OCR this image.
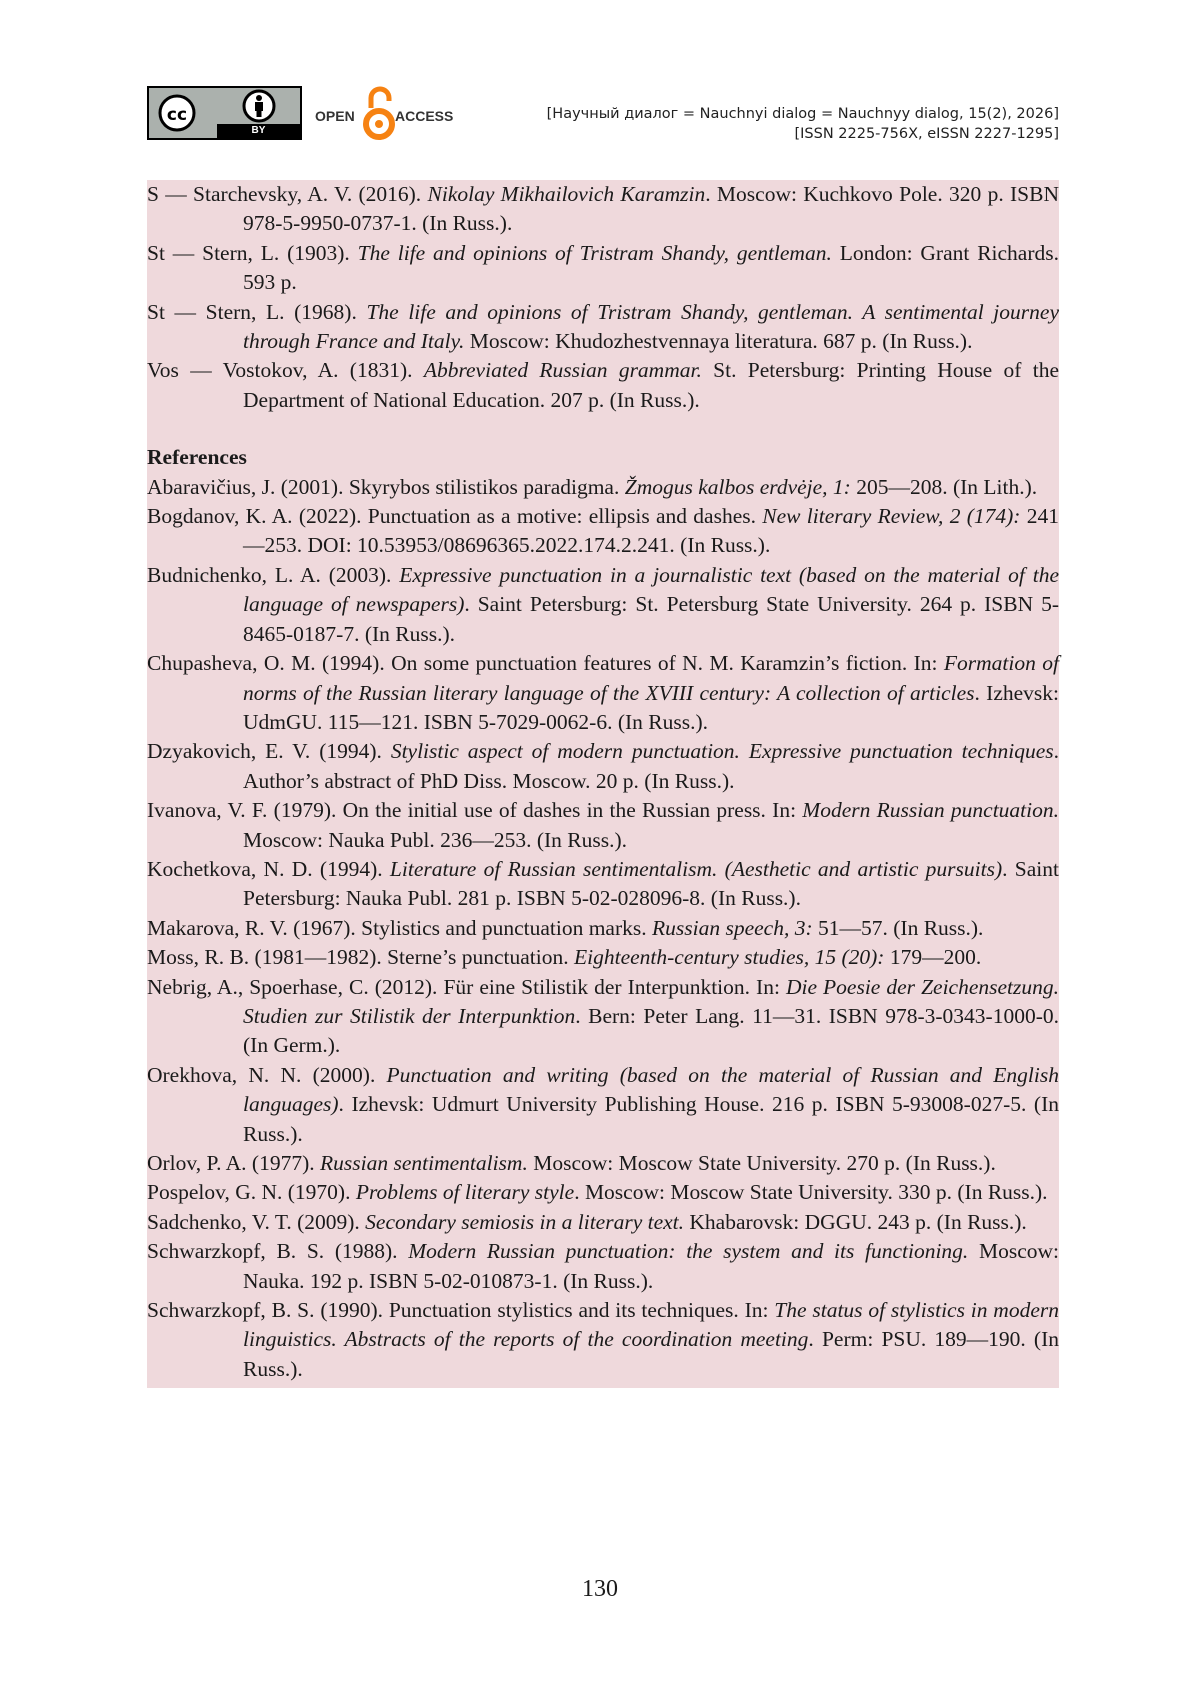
cc
BY
OPEN	ACCESS	[Научный диалог = Nauchnyi dialog = Nauchnyy dialog, 15(2), 2026]
[ISSN 2225-756X, eISSN 2227-1295]

S — Starchevsky, A. V. (2016). Nikolay Mikhailovich Karamzin. Moscow: Kuchkovo Pole. 320 p. ISBN 978-5-9950-0737-1. (In Russ.).

St — Stern, L. (1903). The life and opinions of Tristram Shandy, gentleman. London: Grant Richards. 593 p.

St — Stern, L. (1968). The life and opinions of Tristram Shandy, gentleman. A sentimental journey through France and Italy. Moscow: Khudozhestvennaya literatura. 687 p. (In Russ.).

Vos — Vostokov, A. (1831). Abbreviated Russian grammar. St. Petersburg: Printing House of the Department of National Education. 207 p. (In Russ.).

References

Abaravičius, J. (2001). Skyrybos stilistikos paradigma. Žmogus kalbos erdvėje, 1: 205—208. (In Lith.).

Bogdanov, K. A. (2022). Punctuation as a motive: ellipsis and dashes. New literary Review, 2 (174): 241—253. DOI: 10.53953/08696365.2022.174.2.241. (In Russ.).

Budnichenko, L. A. (2003). Expressive punctuation in a journalistic text (based on the material of the language of newspapers). Saint Petersburg: St. Petersburg State University. 264 p. ISBN 5-8465-0187-7. (In Russ.).

Chupasheva, O. M. (1994). On some punctuation features of N. M. Karamzin’s fiction. In: Formation of norms of the Russian literary language of the XVIII century: A collection of articles. Izhevsk: UdmGU. 115—121. ISBN 5-7029-0062-6. (In Russ.).

Dzyakovich, E. V. (1994). Stylistic aspect of modern punctuation. Expressive punctuation techniques. Author’s abstract of PhD Diss. Moscow. 20 p. (In Russ.).

Ivanova, V. F. (1979). On the initial use of dashes in the Russian press. In: Modern Russian punctuation. Moscow: Nauka Publ. 236—253. (In Russ.).

Kochetkova, N. D. (1994). Literature of Russian sentimentalism. (Aesthetic and artistic pursuits). Saint Petersburg: Nauka Publ. 281 p. ISBN 5-02-028096-8. (In Russ.).

Makarova, R. V. (1967). Stylistics and punctuation marks. Russian speech, 3: 51—57. (In Russ.).

Moss, R. B. (1981—1982). Sterne’s punctuation. Eighteenth-century studies, 15 (20): 179—200.

Nebrig, A., Spoerhase, C. (2012). Für eine Stilistik der Interpunktion. In: Die Poesie der Zeichensetzung. Studien zur Stilistik der Interpunktion. Bern: Peter Lang. 11—31. ISBN 978-3-0343-1000-0. (In Germ.).

Orekhova, N. N. (2000). Punctuation and writing (based on the material of Russian and English languages). Izhevsk: Udmurt University Publishing House. 216 p. ISBN 5-93008-027-5. (In Russ.).

Orlov, P. A. (1977). Russian sentimentalism. Moscow: Moscow State University. 270 p. (In Russ.).

Pospelov, G. N. (1970). Problems of literary style. Moscow: Moscow State University. 330 p. (In Russ.).

Sadchenko, V. T. (2009). Secondary semiosis in a literary text. Khabarovsk: DGGU. 243 p. (In Russ.).

Schwarzkopf, B. S. (1988). Modern Russian punctuation: the system and its functioning. Moscow: Nauka. 192 p. ISBN 5-02-010873-1. (In Russ.).

Schwarzkopf, B. S. (1990). Punctuation stylistics and its techniques. In: The status of stylistics in modern linguistics. Abstracts of the reports of the coordination meeting. Perm: PSU. 189—190. (In Russ.).

130
